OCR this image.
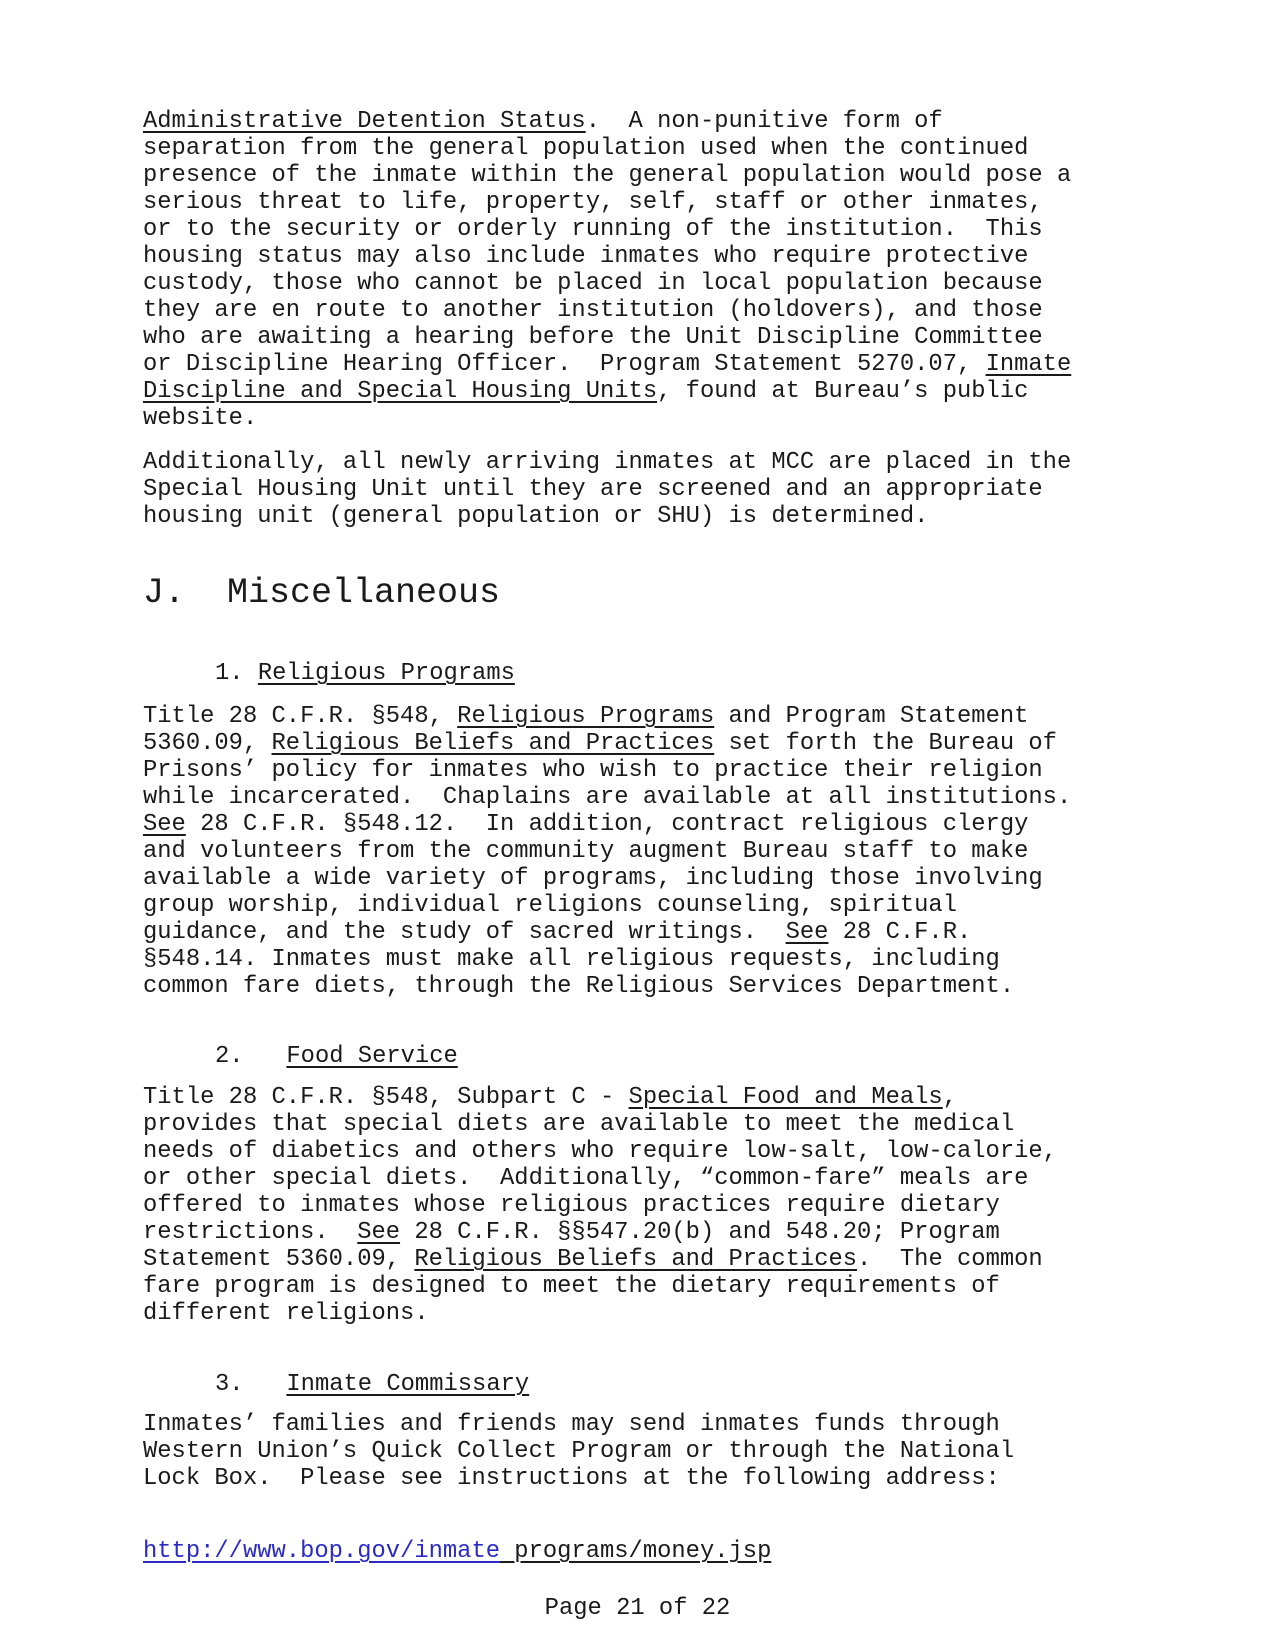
Administrative Detention Status.  A non-punitive form of
separation from the general population used when the continued
presence of the inmate within the general population would pose a
serious threat to life, property, self, staff or other inmates,
or to the security or orderly running of the institution.  This
housing status may also include inmates who require protective
custody, those who cannot be placed in local population because
they are en route to another institution (holdovers), and those
who are awaiting a hearing before the Unit Discipline Committee
or Discipline Hearing Officer.  Program Statement 5270.07, Inmate
Discipline and Special Housing Units, found at Bureau’s public
website.
Additionally, all newly arriving inmates at MCC are placed in the
Special Housing Unit until they are screened and an appropriate
housing unit (general population or SHU) is determined.
J.  Miscellaneous
1. Religious Programs
Title 28 C.F.R. §548, Religious Programs and Program Statement
5360.09, Religious Beliefs and Practices set forth the Bureau of
Prisons’ policy for inmates who wish to practice their religion
while incarcerated.  Chaplains are available at all institutions.
See 28 C.F.R. §548.12.  In addition, contract religious clergy
and volunteers from the community augment Bureau staff to make
available a wide variety of programs, including those involving
group worship, individual religions counseling, spiritual
guidance, and the study of sacred writings.  See 28 C.F.R.
§548.14. Inmates must make all religious requests, including
common fare diets, through the Religious Services Department.
2.   Food Service
Title 28 C.F.R. §548, Subpart C - Special Food and Meals,
provides that special diets are available to meet the medical
needs of diabetics and others who require low-salt, low-calorie,
or other special diets.  Additionally, “common-fare” meals are
offered to inmates whose religious practices require dietary
restrictions.  See 28 C.F.R. §§547.20(b) and 548.20; Program
Statement 5360.09, Religious Beliefs and Practices.  The common
fare program is designed to meet the dietary requirements of
different religions.
3.   Inmate Commissary
Inmates’ families and friends may send inmates funds through
Western Union’s Quick Collect Program or through the National
Lock Box.  Please see instructions at the following address:
http://www.bop.gov/inmate programs/money.jsp
Page 21 of 22
